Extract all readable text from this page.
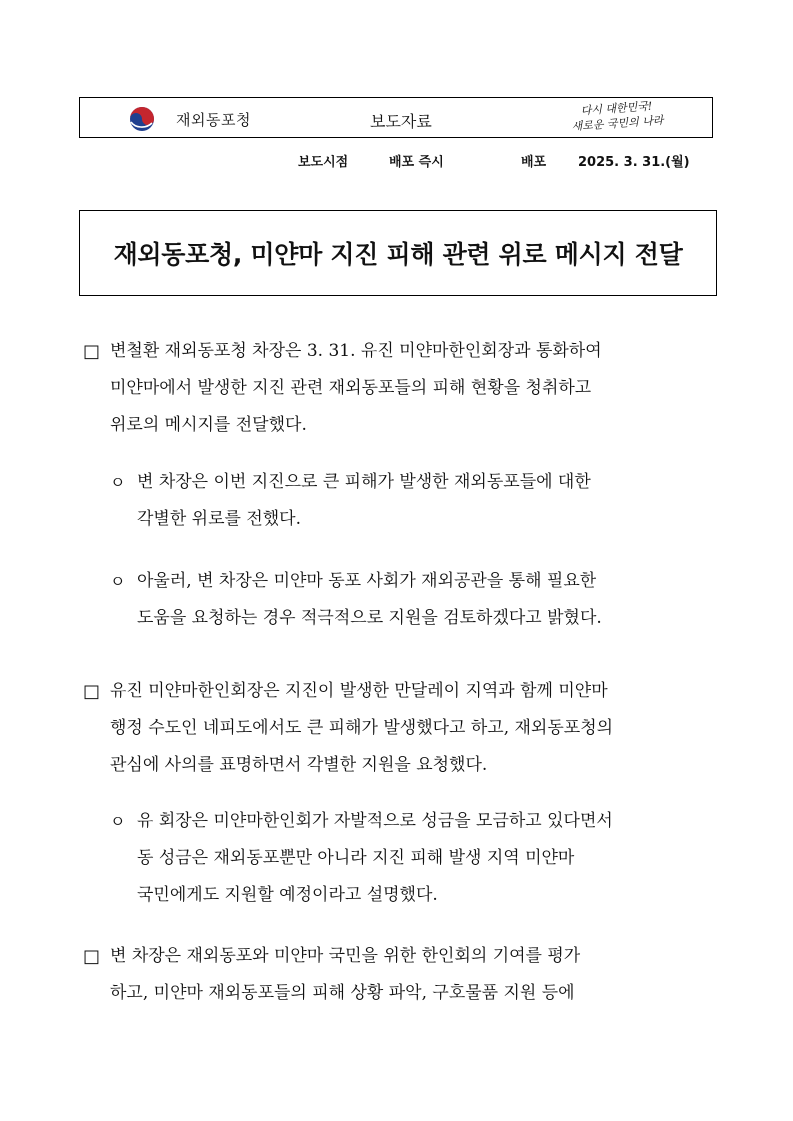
재외동포청	보도자료
다시 대한민국!
새로운 국민의 나라
보도시점	배포 즉시	배포 2025. 3. 31.(월)
재외동포청, 미얀마 지진 피해 관련 위로 메시지 전달
□ 변철환 재외동포청 차장은 3. 31. 유진 미얀마한인회장과 통화하여
미얀마에서 발생한 지진 관련 재외동포들의 피해 현황을 청취하고
위로의 메시지를 전달했다.
ㅇ 변 차장은 이번 지진으로 큰 피해가 발생한 재외동포들에 대한
각별한 위로를 전했다.
ㅇ 아울러, 변 차장은 미얀마 동포 사회가 재외공관을 통해 필요한
도움을 요청하는 경우 적극적으로 지원을 검토하겠다고 밝혔다.
□ 유진 미얀마한인회장은 지진이 발생한 만달레이 지역과 함께 미얀마
행정 수도인 네피도에서도 큰 피해가 발생했다고 하고, 재외동포청의
관심에 사의를 표명하면서 각별한 지원을 요청했다.
ㅇ 유 회장은 미얀마한인회가 자발적으로 성금을 모금하고 있다면서
동 성금은 재외동포뿐만 아니라 지진 피해 발생 지역 미얀마
국민에게도 지원할 예정이라고 설명했다.
□ 변 차장은 재외동포와 미얀마 국민을 위한 한인회의 기여를 평가
하고, 미얀마 재외동포들의 피해 상황 파악, 구호물품 지원 등에
